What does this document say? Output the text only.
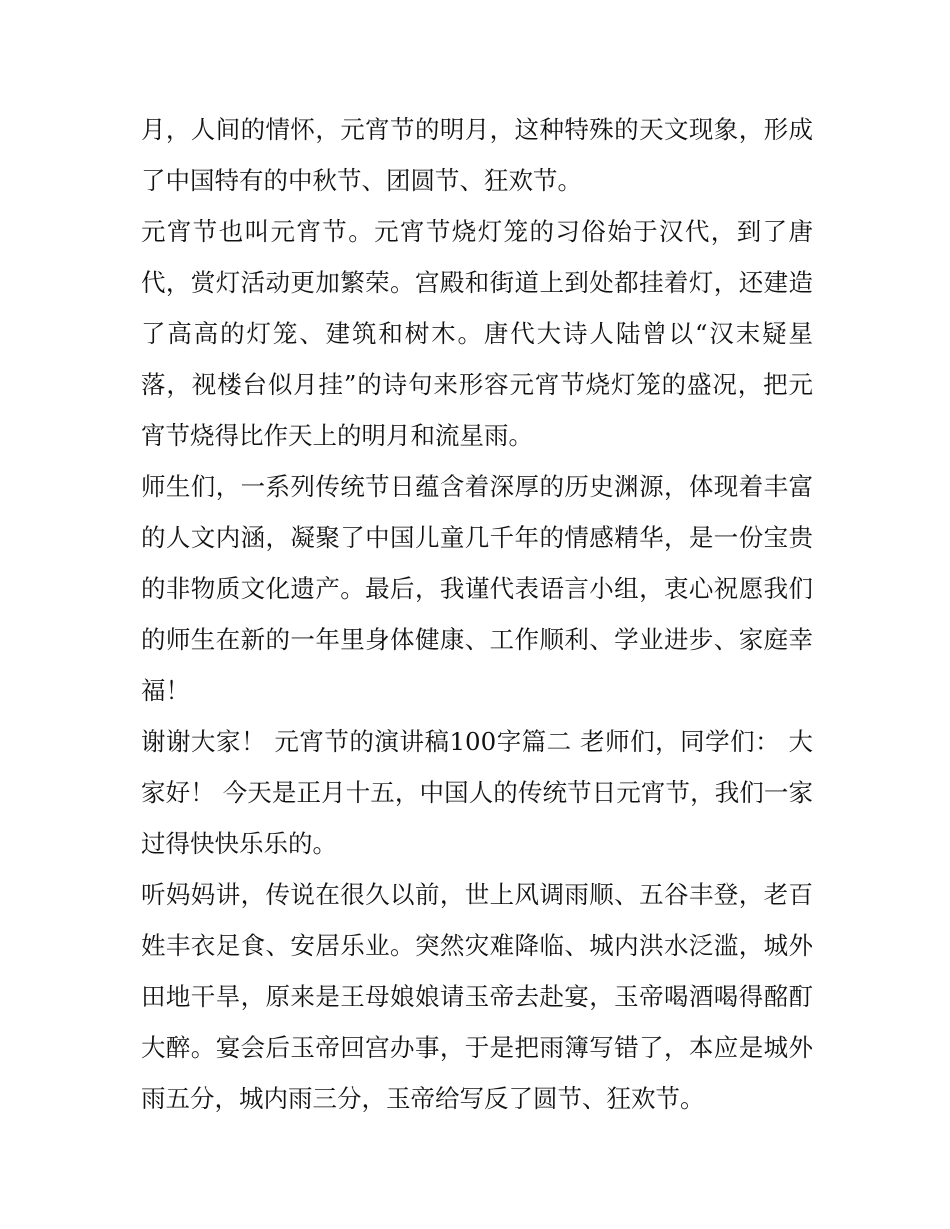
月，人间的情怀，元宵节的明月，这种特殊的天文现象，形成了中国特有的中秋节、团圆节、狂欢节。

元宵节也叫元宵节。元宵节烧灯笼的习俗始于汉代，到了唐代，赏灯活动更加繁荣。宫殿和街道上到处都挂着灯，还建造了高高的灯笼、建筑和树木。唐代大诗人陆曾以“汉末疑星落，视楼台似月挂”的诗句来形容元宵节烧灯笼的盛况，把元宵节烧得比作天上的明月和流星雨。

师生们，一系列传统节日蕴含着深厚的历史渊源，体现着丰富的人文内涵，凝聚了中国儿童几千年的情感精华，是一份宝贵的非物质文化遗产。最后，我谨代表语言小组，衷心祝愿我们的师生在新的一年里身体健康、工作顺利、学业进步、家庭幸福！

谢谢大家！ 元宵节的演讲稿100字篇二 老师们，同学们： 大家好！ 今天是正月十五，中国人的传统节日元宵节，我们一家过得快快乐乐的。

听妈妈讲，传说在很久以前，世上风调雨顺、五谷丰登，老百姓丰衣足食、安居乐业。突然灾难降临、城内洪水泛滥，城外田地干旱，原来是王母娘娘请玉帝去赴宴，玉帝喝酒喝得酩酊大醉。宴会后玉帝回宫办事，于是把雨簿写错了，本应是城外雨五分，城内雨三分，玉帝给写反了圆节、狂欢节。
